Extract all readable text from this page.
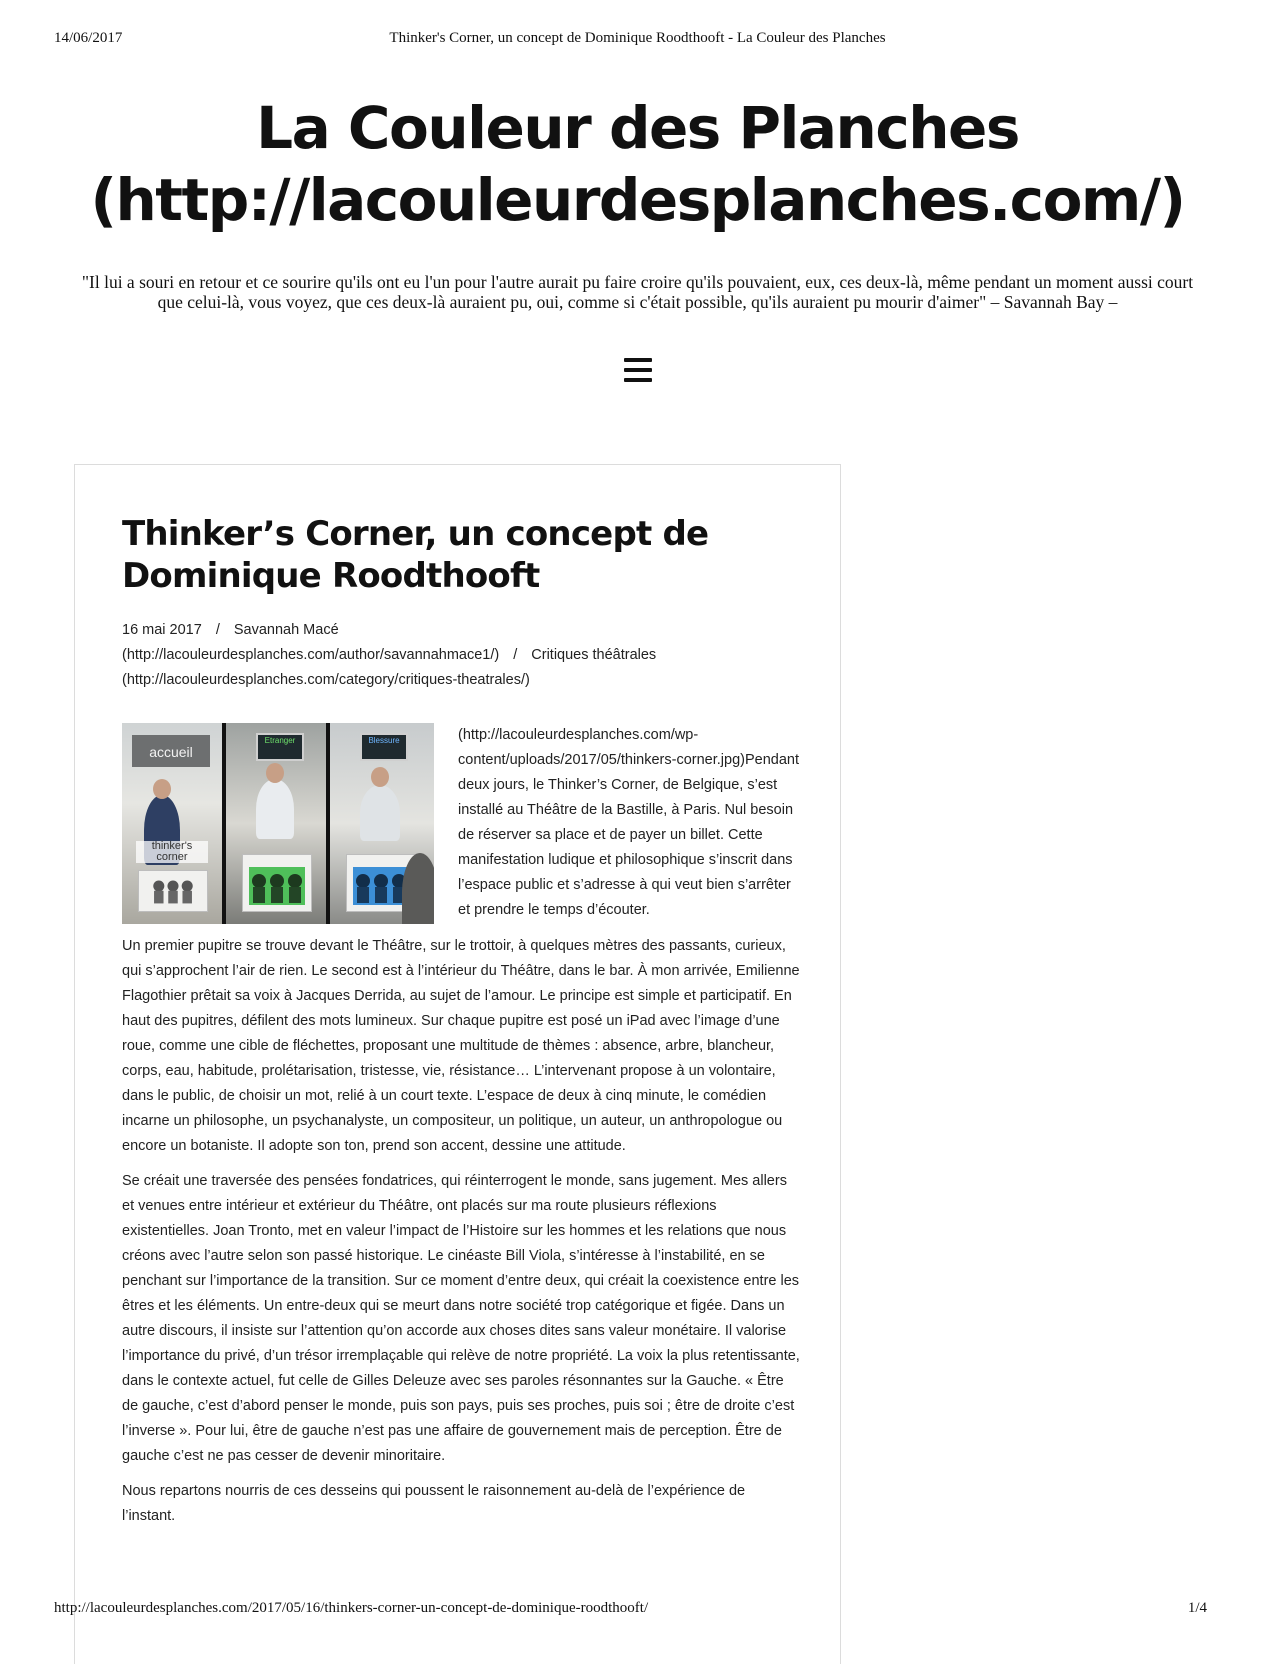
14/06/2017	Thinker's Corner, un concept de Dominique Roodthooft - La Couleur des Planches
La Couleur des Planches
(http://lacouleurdesplanches.com/)

"Il lui a souri en retour et ce sourire qu'ils ont eu l'un pour l'autre aurait pu faire croire qu'ils pouvaient, eux, ces deux-là, même pendant un moment aussi court que celui-là, vous voyez, que ces deux-là auraient pu, oui, comme si c'était possible, qu'ils auraient pu mourir d'aimer" – Savannah Bay –

Thinker’s Corner, un concept de Dominique Roodthooft
16 mai 2017 / Savannah Macé
(http://lacouleurdesplanches.com/author/savannahmace1/) / Critiques théâtrales
(http://lacouleurdesplanches.com/category/critiques-theatrales/)
accueil
thinker's corner
Etranger	Blessure	(http://lacouleurdesplanches.com/wp-content/uploads/2017/05/thinkers-corner.jpg)Pendant deux jours, le Thinker’s Corner, de Belgique, s’est installé au Théâtre de la Bastille, à Paris. Nul besoin de réserver sa place et de payer un billet. Cette manifestation ludique et philosophique s’inscrit dans l’espace public et s’adresse à qui veut bien s’arrêter et prendre le temps d’écouter.

Un premier pupitre se trouve devant le Théâtre, sur le trottoir, à quelques mètres des passants, curieux, qui s’approchent l’air de rien. Le second est à l’intérieur du Théâtre, dans le bar. À mon arrivée, Emilienne Flagothier prêtait sa voix à Jacques Derrida, au sujet de l’amour. Le principe est simple et participatif. En haut des pupitres, défilent des mots lumineux. Sur chaque pupitre est posé un iPad avec l’image d’une roue, comme une cible de fléchettes, proposant une multitude de thèmes : absence, arbre, blancheur, corps, eau, habitude, prolétarisation, tristesse, vie, résistance… L’intervenant propose à un volontaire, dans le public, de choisir un mot, relié à un court texte. L’espace de deux à cinq minute, le comédien incarne un philosophe, un psychanalyste, un compositeur, un politique, un auteur, un anthropologue ou encore un botaniste. Il adopte son ton, prend son accent, dessine une attitude.

Se créait une traversée des pensées fondatrices, qui réinterrogent le monde, sans jugement. Mes allers et venues entre intérieur et extérieur du Théâtre, ont placés sur ma route plusieurs réflexions existentielles. Joan Tronto, met en valeur l’impact de l’Histoire sur les hommes et les relations que nous créons avec l’autre selon son passé historique. Le cinéaste Bill Viola, s’intéresse à l’instabilité, en se penchant sur l’importance de la transition. Sur ce moment d’entre deux, qui créait la coexistence entre les êtres et les éléments. Un entre-deux qui se meurt dans notre société trop catégorique et figée. Dans un autre discours, il insiste sur l’attention qu’on accorde aux choses dites sans valeur monétaire. Il valorise l’importance du privé, d’un trésor irremplaçable qui relève de notre propriété. La voix la plus retentissante, dans le contexte actuel, fut celle de Gilles Deleuze avec ses paroles résonnantes sur la Gauche. « Être de gauche, c’est d’abord penser le monde, puis son pays, puis ses proches, puis soi ; être de droite c’est l’inverse ». Pour lui, être de gauche n’est pas une affaire de gouvernement mais de perception. Être de gauche c’est ne pas cesser de devenir minoritaire.

Nous repartons nourris de ces desseins qui poussent le raisonnement au-delà de l’expérience de l’instant.

http://lacouleurdesplanches.com/2017/05/16/thinkers-corner-un-concept-de-dominique-roodthooft/	1/4
